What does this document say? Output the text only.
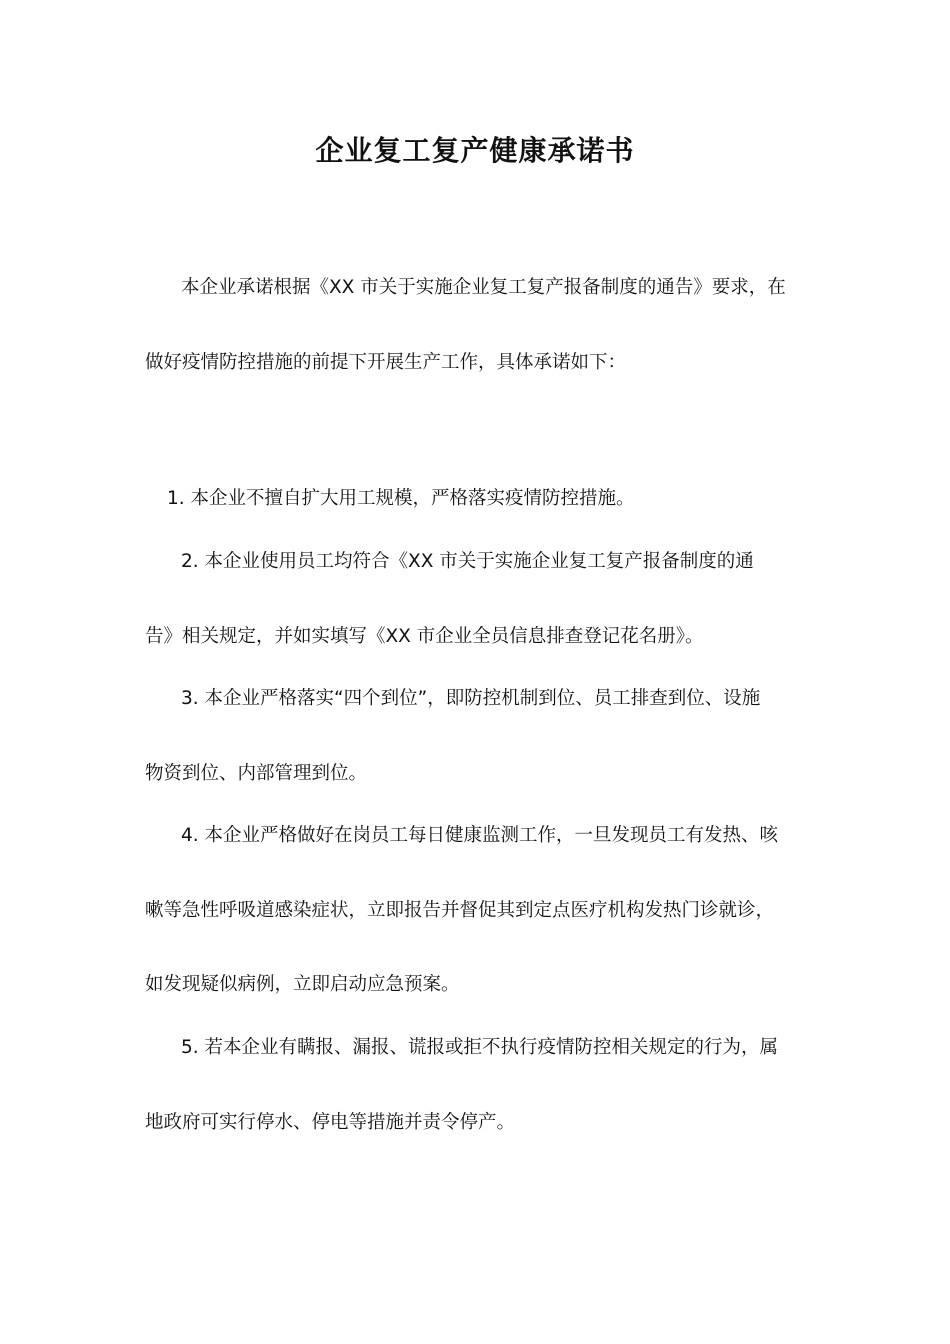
企业复工复产健康承诺书
本企业承诺根据《XX 市关于实施企业复工复产报备制度的通告》要求，在
做好疫情防控措施的前提下开展生产工作，具体承诺如下：
1. 本企业不擅自扩大用工规模，严格落实疫情防控措施。
2. 本企业使用员工均符合《XX 市关于实施企业复工复产报备制度的通
告》相关规定，并如实填写《XX 市企业全员信息排查登记花名册》。
3. 本企业严格落实“四个到位”，即防控机制到位、员工排查到位、设施
物资到位、内部管理到位。
4. 本企业严格做好在岗员工每日健康监测工作，一旦发现员工有发热、咳
嗽等急性呼吸道感染症状，立即报告并督促其到定点医疗机构发热门诊就诊，
如发现疑似病例，立即启动应急预案。
5. 若本企业有瞒报、漏报、谎报或拒不执行疫情防控相关规定的行为，属
地政府可实行停水、停电等措施并责令停产。
